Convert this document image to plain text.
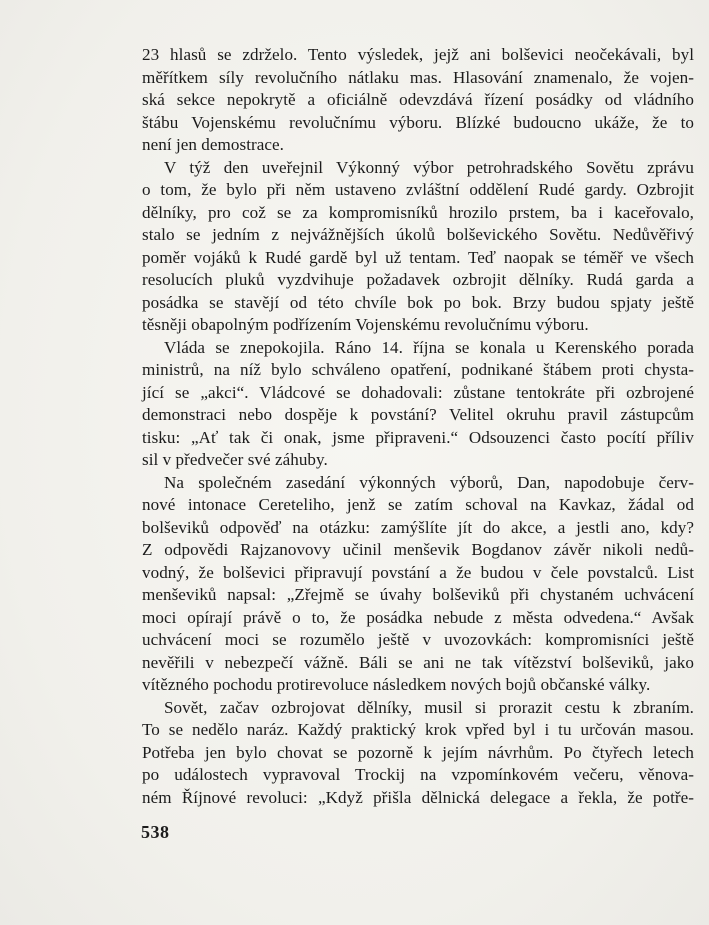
23 hlasů se zdrželo. Tento výsledek, jejž ani bolševici neočekávali, byl
měřítkem síly revolučního nátlaku mas. Hlasování znamenalo, že vojen-
ská sekce nepokrytě a oficiálně odevzdává řízení posádky od vládního
štábu Vojenskému revolučnímu výboru. Blízké budoucno ukáže, že to
není jen demostrace.
V týž den uveřejnil Výkonný výbor petrohradského Sovětu zprávu
o tom, že bylo při něm ustaveno zvláštní oddělení Rudé gardy. Ozbrojit
dělníky, pro což se za kompromisníků hrozilo prstem, ba i kaceřovalo,
stalo se jedním z nejvážnějších úkolů bolševického Sovětu. Nedůvěřivý
poměr vojáků k Rudé gardě byl už tentam. Teď naopak se téměř ve všech
resolucích pluků vyzdvihuje požadavek ozbrojit dělníky. Rudá garda a
posádka se stavějí od této chvíle bok po bok. Brzy budou spjaty ještě
těsněji obapolným podřízením Vojenskému revolučnímu výboru.
Vláda se znepokojila. Ráno 14. října se konala u Kerenského porada
ministrů, na níž bylo schváleno opatření, podnikané štábem proti chysta-
jící se „akci“. Vládcové se dohadovali: zůstane tentokráte při ozbrojené
demonstraci nebo dospěje k povstání? Velitel okruhu pravil zástupcům
tisku: „Ať tak či onak, jsme připraveni.“ Odsouzenci často pocítí příliv
sil v předvečer své záhuby.
Na společném zasedání výkonných výborů, Dan, napodobuje červ-
nové intonace Cereteliho, jenž se zatím schoval na Kavkaz, žádal od
bolševiků odpověď na otázku: zamýšlíte jít do akce, a jestli ano, kdy?
Z odpovědi Rajzanovovy učinil menševik Bogdanov závěr nikoli nedů-
vodný, že bolševici připravují povstání a že budou v čele povstalců. List
menševiků napsal: „Zřejmě se úvahy bolševiků při chystaném uchvácení
moci opírají právě o to, že posádka nebude z města odvedena.“ Avšak
uchvácení moci se rozumělo ještě v uvozovkách: kompromisníci ještě
nevěřili v nebezpečí vážně. Báli se ani ne tak vítězství bolševiků, jako
vítězného pochodu protirevoluce následkem nových bojů občanské války.
Sovět, začav ozbrojovat dělníky, musil si prorazit cestu k zbraním.
To se nedělo naráz. Každý praktický krok vpřed byl i tu určován masou.
Potřeba jen bylo chovat se pozorně k jejím návrhům. Po čtyřech letech
po událostech vypravoval Trockij na vzpomínkovém večeru, věnova-
ném Říjnové revoluci: „Když přišla dělnická delegace a řekla, že potře-
538
